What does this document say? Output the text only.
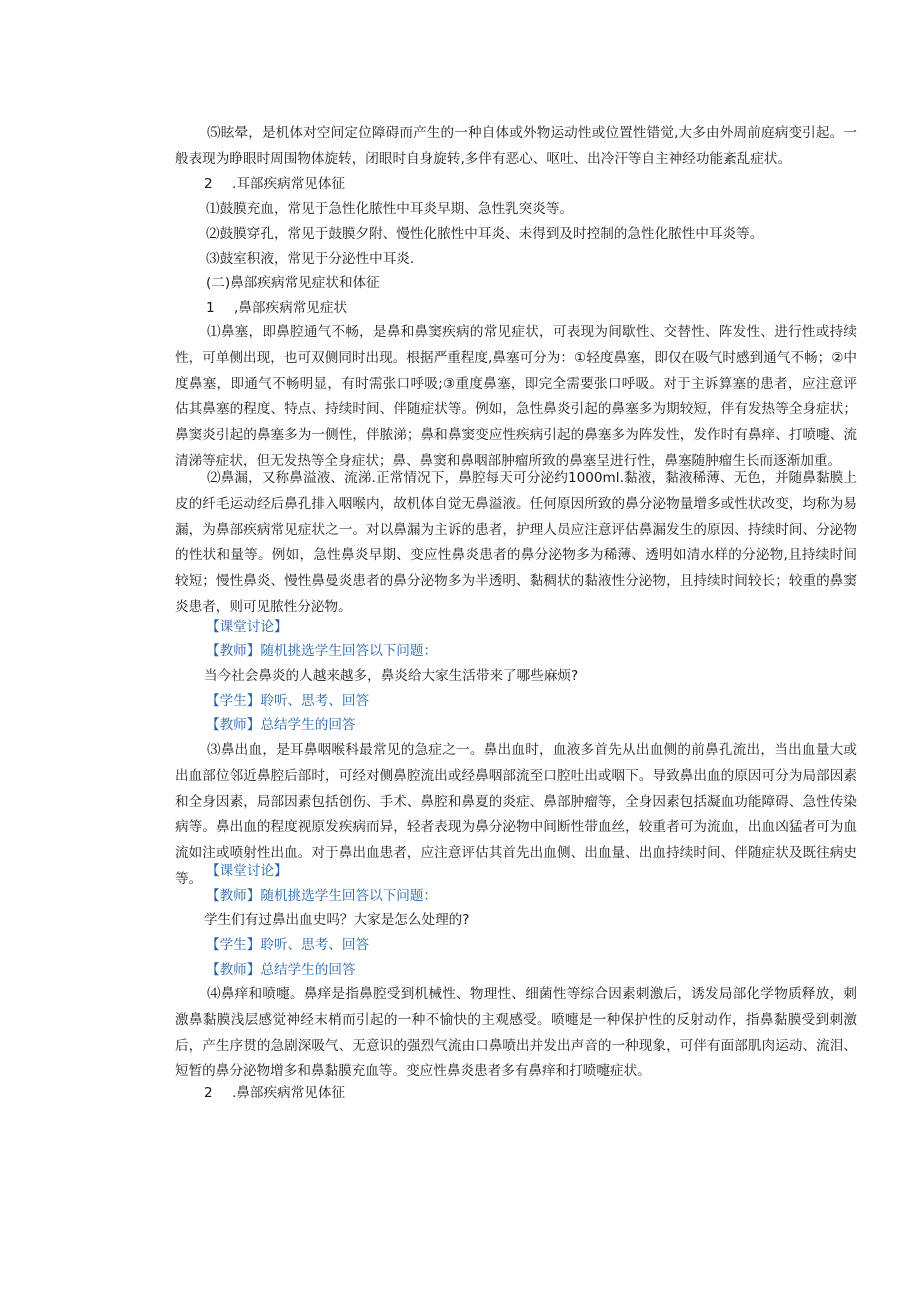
⑸眩晕，是机体对空间定位障碍而产生的一种自体或外物运动性或位置性错觉,大多由外周前庭病变引起。一般表现为睁眼时周围物体旋转，闭眼时自身旋转,多伴有恶心、呕吐、出冷汗等自主神经功能紊乱症状。

2 .耳部疾病常见体征
⑴鼓膜充血，常见于急性化脓性中耳炎早期、急性乳突炎等。
⑵鼓膜穿孔，常见于鼓膜夕附、慢性化脓性中耳炎、未得到及时控制的急性化脓性中耳炎等。
⑶鼓室积液，常见于分泌性中耳炎.
(二)鼻部疾病常见症状和体征
1 ,鼻部疾病常见症状

⑴鼻塞，即鼻腔通气不畅，是鼻和鼻窦疾病的常见症状，可表现为间歇性、交替性、阵发性、进行性或持续性，可单侧出现，也可双侧同时出现。根据严重程度,鼻塞可分为：①轻度鼻塞，即仅在吸气时感到通气不畅；②中度鼻塞，即通气不畅明显，有时需张口呼吸;③重度鼻塞，即完全需要张口呼吸。对于主诉算塞的患者，应注意评估其鼻塞的程度、特点、持续时间、伴随症状等。例如，急性鼻炎引起的鼻塞多为期较短，伴有发热等全身症状；鼻窦炎引起的鼻塞多为一侧性，伴脓涕；鼻和鼻窦变应性疾病引起的鼻塞多为阵发性，发作时有鼻痒、打喷嚏、流清涕等症状，但无发热等全身症状；鼻、鼻窦和鼻咽部肿瘤所致的鼻塞呈进行性，鼻塞随肿瘤生长而逐渐加重。

⑵鼻漏，又称鼻溢液、流涕.正常情况下，鼻腔每天可分泌约1000ml.黏液，黏液稀薄、无色，并随鼻黏膜上皮的纤毛运动经后鼻孔排入咽喉内，故机体自觉无鼻溢液。任何原因所致的鼻分泌物量增多或性状改变，均称为易漏，为鼻部疾病常见症状之一。对以鼻漏为主诉的患者，护理人员应注意评估鼻漏发生的原因、持续时间、分泌物的性状和量等。例如，急性鼻炎早期、变应性鼻炎患者的鼻分泌物多为稀薄、透明如清水样的分泌物,且持续时间较短；慢性鼻炎、慢性鼻曼炎患者的鼻分泌物多为半透明、黏稠状的黏液性分泌物，且持续时间较长；较重的鼻窦炎患者，则可见脓性分泌物。

【课堂讨论】
【教师】随机挑选学生回答以下问题：
当今社会鼻炎的人越来越多，鼻炎给大家生活带来了哪些麻烦?
【学生】聆听、思考、回答
【教师】总结学生的回答

⑶鼻出血，是耳鼻咽喉科最常见的急症之一。鼻出血时，血液多首先从出血侧的前鼻孔流出，当出血量大或出血部位邻近鼻腔后部时，可经对侧鼻腔流出或经鼻咽部流至口腔吐出或咽下。导致鼻出血的原因可分为局部因素和全身因素，局部因素包括创伤、手术、鼻腔和鼻夏的炎症、鼻部肿瘤等，全身因素包括凝血功能障碍、急性传染病等。鼻出血的程度视原发疾病而异，轻者表现为鼻分泌物中间断性带血丝，较重者可为流血，出血凶猛者可为血流如注或喷射性出血。对于鼻出血患者，应注意评估其首先出血侧、出血量、出血持续时间、伴随症状及既往病史等。 【课堂讨论】
【教师】随机挑选学生回答以下问题：
学生们有过鼻出血史吗？大家是怎么处理的?
【学生】聆听、思考、回答
【教师】总结学生的回答

⑷鼻痒和喷嚏。鼻痒是指鼻腔受到机械性、物理性、细菌性等综合因素刺激后，诱发局部化学物质释放，刺激鼻黏膜浅层感觉神经末梢而引起的一种不愉快的主观感受。喷嚏是一种保护性的反射动作，指鼻黏膜受到刺激后，产生序贯的急剧深吸气、无意识的强烈气流由口鼻喷出并发出声音的一种现象，可伴有面部肌肉运动、流泪、短暂的鼻分泌物增多和鼻黏膜充血等。变应性鼻炎患者多有鼻痒和打喷嚏症状。

2 .鼻部疾病常见体征
